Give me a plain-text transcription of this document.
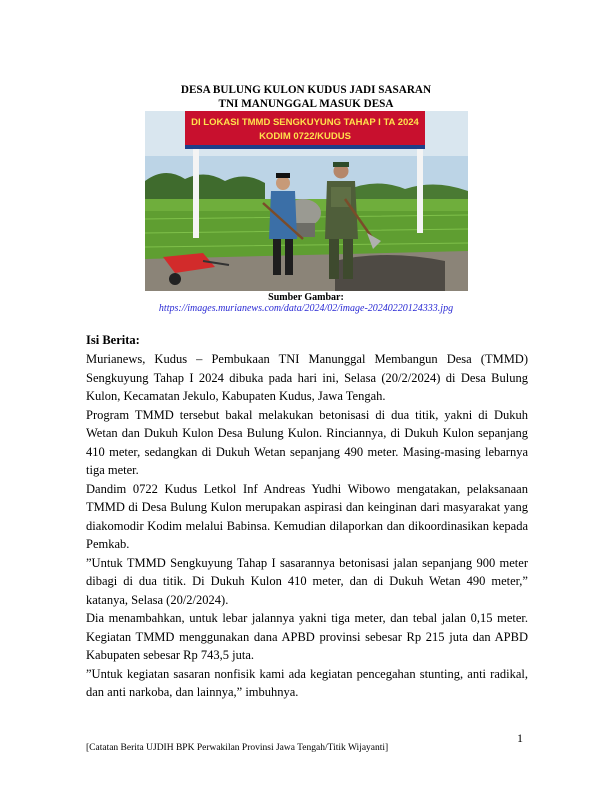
DESA BULUNG KULON KUDUS JADI SASARAN
TNI MANUNGGAL MASUK DESA
DI LOKASI TMMD SENGKUYUNG TAHAP I TA 2024
KODIM 0722/KUDUS
Sumber Gambar:
https://images.murianews.com/data/2024/02/image-20240220124333.jpg
Isi Berita:

Murianews, Kudus – Pembukaan TNI Manunggal Membangun Desa (TMMD) Sengkuyung Tahap I 2024 dibuka pada hari ini, Selasa (20/2/2024) di Desa Bulung Kulon, Kecamatan Jekulo, Kabupaten Kudus, Jawa Tengah.

Program TMMD tersebut bakal melakukan betonisasi di dua titik, yakni di Dukuh Wetan dan Dukuh Kulon Desa Bulung Kulon. Rinciannya, di Dukuh Kulon sepanjang 410 meter, sedangkan di Dukuh Wetan sepanjang 490 meter. Masing-masing lebarnya tiga meter.

Dandim 0722 Kudus Letkol Inf Andreas Yudhi Wibowo mengatakan, pelaksanaan TMMD di Desa Bulung Kulon merupakan aspirasi dan keinginan dari masyarakat yang diakomodir Kodim melalui Babinsa. Kemudian dilaporkan dan dikoordinasikan kepada Pemkab.

”Untuk TMMD Sengkuyung Tahap I sasarannya betonisasi jalan sepanjang 900 meter dibagi di dua titik. Di Dukuh Kulon 410 meter, dan di Dukuh Wetan 490 meter,” katanya, Selasa (20/2/2024).

Dia menambahkan, untuk lebar jalannya yakni tiga meter, dan tebal jalan 0,15 meter. Kegiatan TMMD menggunakan dana APBD provinsi sebesar Rp 215 juta dan APBD Kabupaten sebesar Rp 743,5 juta.

”Untuk kegiatan sasaran nonfisik kami ada kegiatan pencegahan stunting, anti radikal, dan anti narkoba, dan lainnya,” imbuhnya.

1
[Catatan Berita UJDIH BPK Perwakilan Provinsi Jawa Tengah/Titik Wijayanti]
